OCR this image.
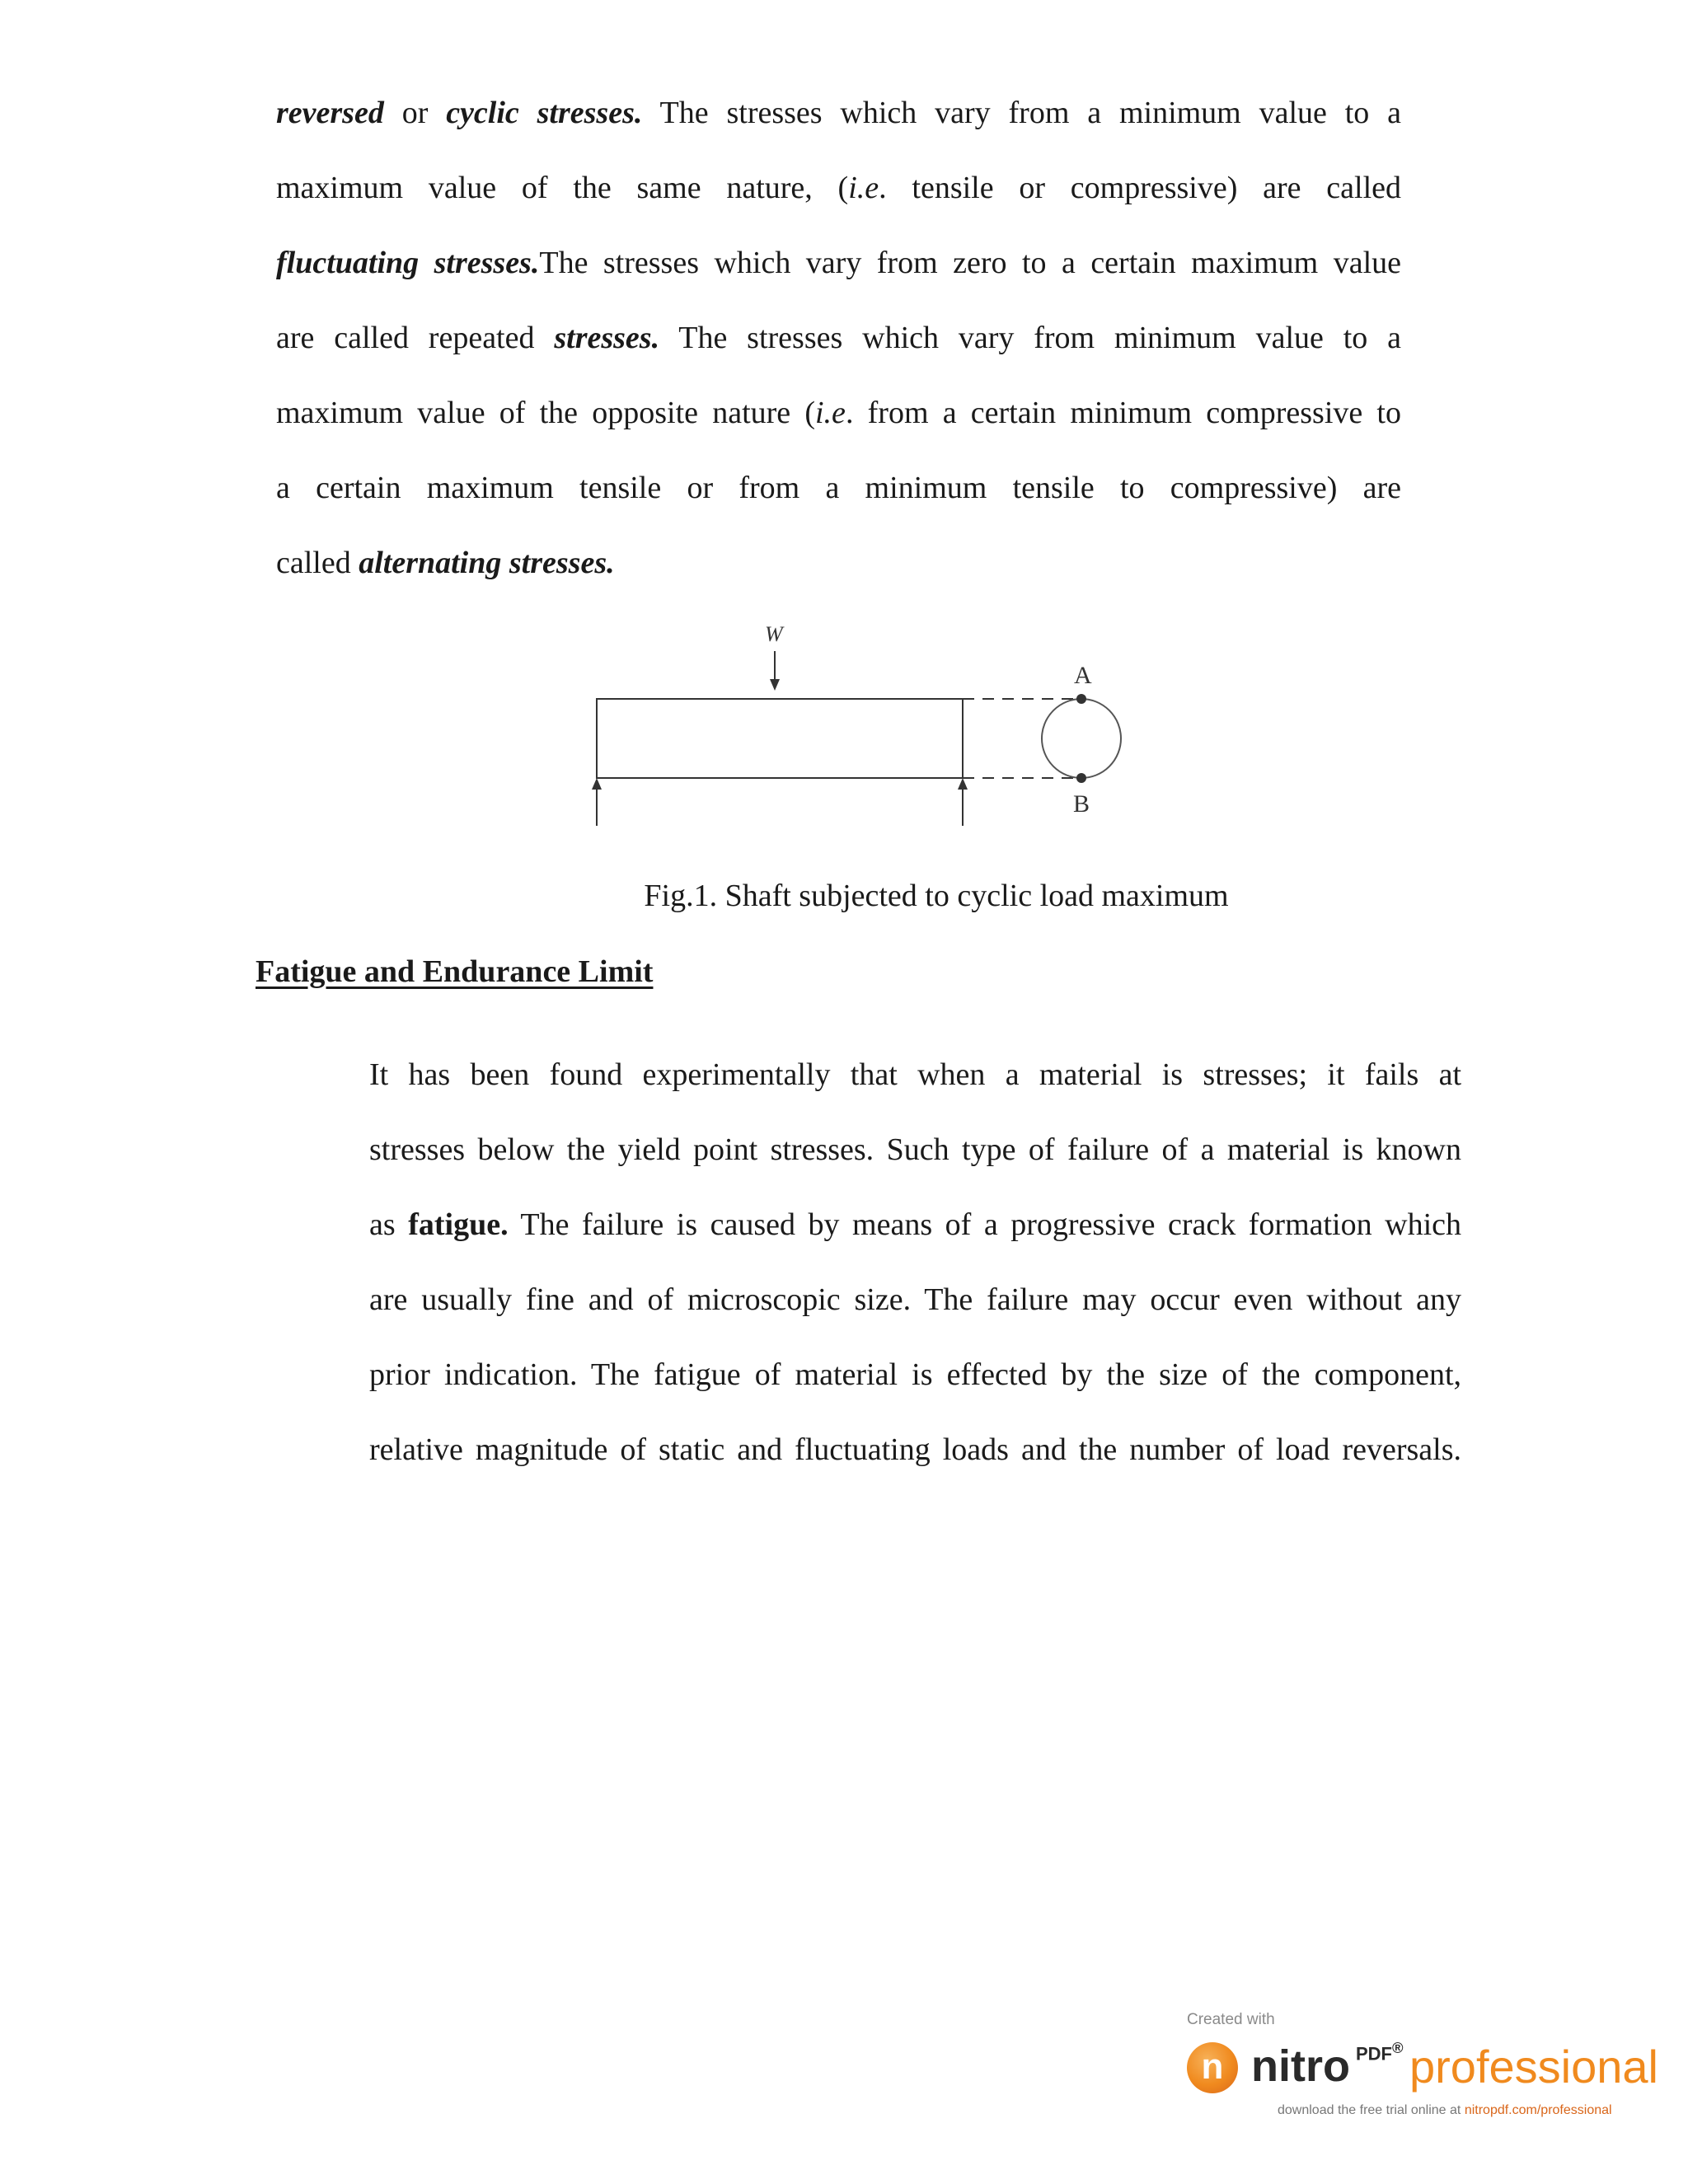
reversed or cyclic stresses. The stresses which vary from a minimum value to a
maximum value of the same nature, (i.e. tensile or compressive) are called
fluctuating stresses.The stresses which vary from zero to a certain maximum value
are called repeated stresses. The stresses which vary from minimum value to a
maximum value of the opposite nature (i.e. from a certain minimum compressive to
a certain maximum tensile or from a minimum tensile to compressive) are
called alternating stresses.
W
A
B
Fig.1. Shaft subjected to cyclic load maximum
Fatigue and Endurance Limit
It has been found experimentally that when a material is stresses; it fails at
stresses below the yield point stresses. Such type of failure of a material is known
as fatigue. The failure is caused by means of a progressive crack formation which
are usually fine and of microscopic size. The failure may occur even without any
prior indication. The fatigue of material is effected by the size of the component,
relative magnitude of static and fluctuating loads and the number of load reversals.
Created with
n nitro PDF® professional
download the free trial online at nitropdf.com/professional
